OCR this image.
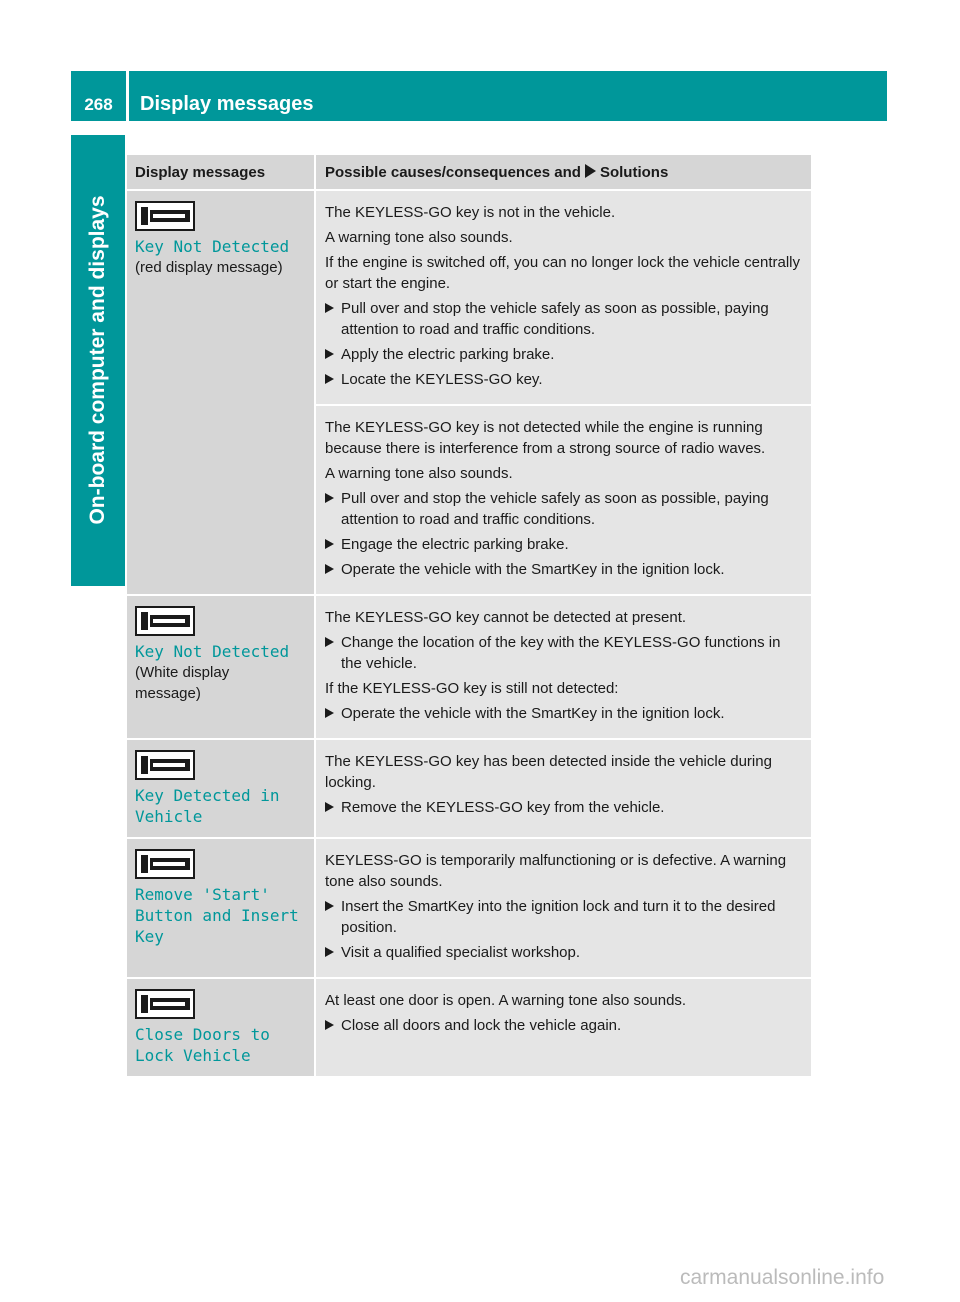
268	Display messages
On-board computer and displays
Display messages	Possible causes/consequences and Solutions
Key Not Detected
(red display message)
The KEYLESS-GO key is not in the vehicle.
A warning tone also sounds.
If the engine is switched off, you can no longer lock the vehicle centrally or start the engine.
Pull over and stop the vehicle safely as soon as possible, paying attention to road and traffic conditions.
Apply the electric parking brake.
Locate the KEYLESS-GO key.
The KEYLESS-GO key is not detected while the engine is running because there is interference from a strong source of radio waves.
A warning tone also sounds.
Pull over and stop the vehicle safely as soon as possible, paying attention to road and traffic conditions.
Engage the electric parking brake.
Operate the vehicle with the SmartKey in the ignition lock.
Key Not Detected
(White display
message)
The KEYLESS-GO key cannot be detected at present.
Change the location of the key with the KEYLESS-GO functions in the vehicle.
If the KEYLESS-GO key is still not detected:
Operate the vehicle with the SmartKey in the ignition lock.
Key Detected in
Vehicle
The KEYLESS-GO key has been detected inside the vehicle during locking.
Remove the KEYLESS-GO key from the vehicle.
Remove 'Start'
Button and Insert
Key
KEYLESS-GO is temporarily malfunctioning or is defective. A warning tone also sounds.
Insert the SmartKey into the ignition lock and turn it to the desired position.
Visit a qualified specialist workshop.
Close Doors to
Lock Vehicle
At least one door is open. A warning tone also sounds.
Close all doors and lock the vehicle again.
carmanualsonline.info
